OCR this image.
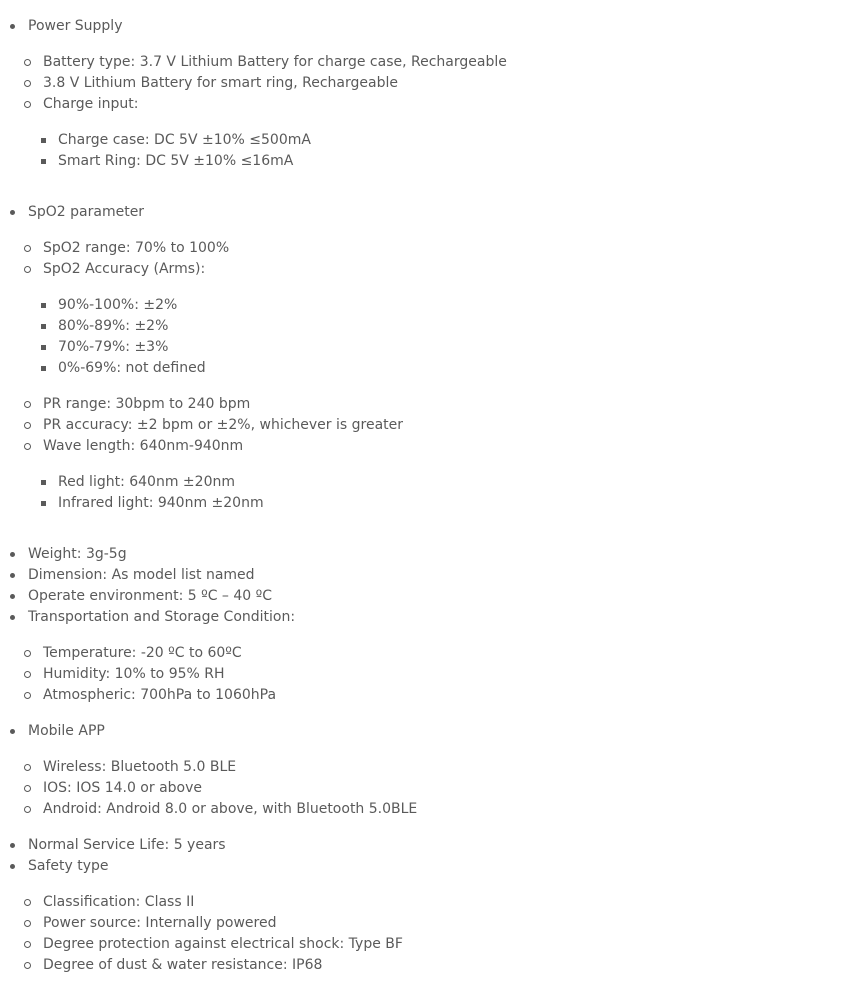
Power Supply
Battery type: 3.7 V Lithium Battery for charge case, Rechargeable
3.8 V Lithium Battery for smart ring, Rechargeable
Charge input:
Charge case: DC 5V ±10% ≤500mA
Smart Ring: DC 5V ±10% ≤16mA
SpO2 parameter
SpO2 range: 70% to 100%
SpO2 Accuracy (Arms):
90%-100%: ±2%
80%-89%: ±2%
70%-79%: ±3%
0%-69%: not defined
PR range: 30bpm to 240 bpm
PR accuracy: ±2 bpm or ±2%, whichever is greater
Wave length: 640nm-940nm
Red light: 640nm ±20nm
Infrared light: 940nm ±20nm
Weight: 3g-5g
Dimension: As model list named
Operate environment: 5 ºC – 40 ºC
Transportation and Storage Condition:
Temperature: -20 ºC to 60ºC
Humidity: 10% to 95% RH
Atmospheric: 700hPa to 1060hPa
Mobile APP
Wireless: Bluetooth 5.0 BLE
IOS: IOS 14.0 or above
Android: Android 8.0 or above, with Bluetooth 5.0BLE
Normal Service Life: 5 years
Safety type
Classification: Class II
Power source: Internally powered
Degree protection against electrical shock: Type BF
Degree of dust & water resistance: IP68
